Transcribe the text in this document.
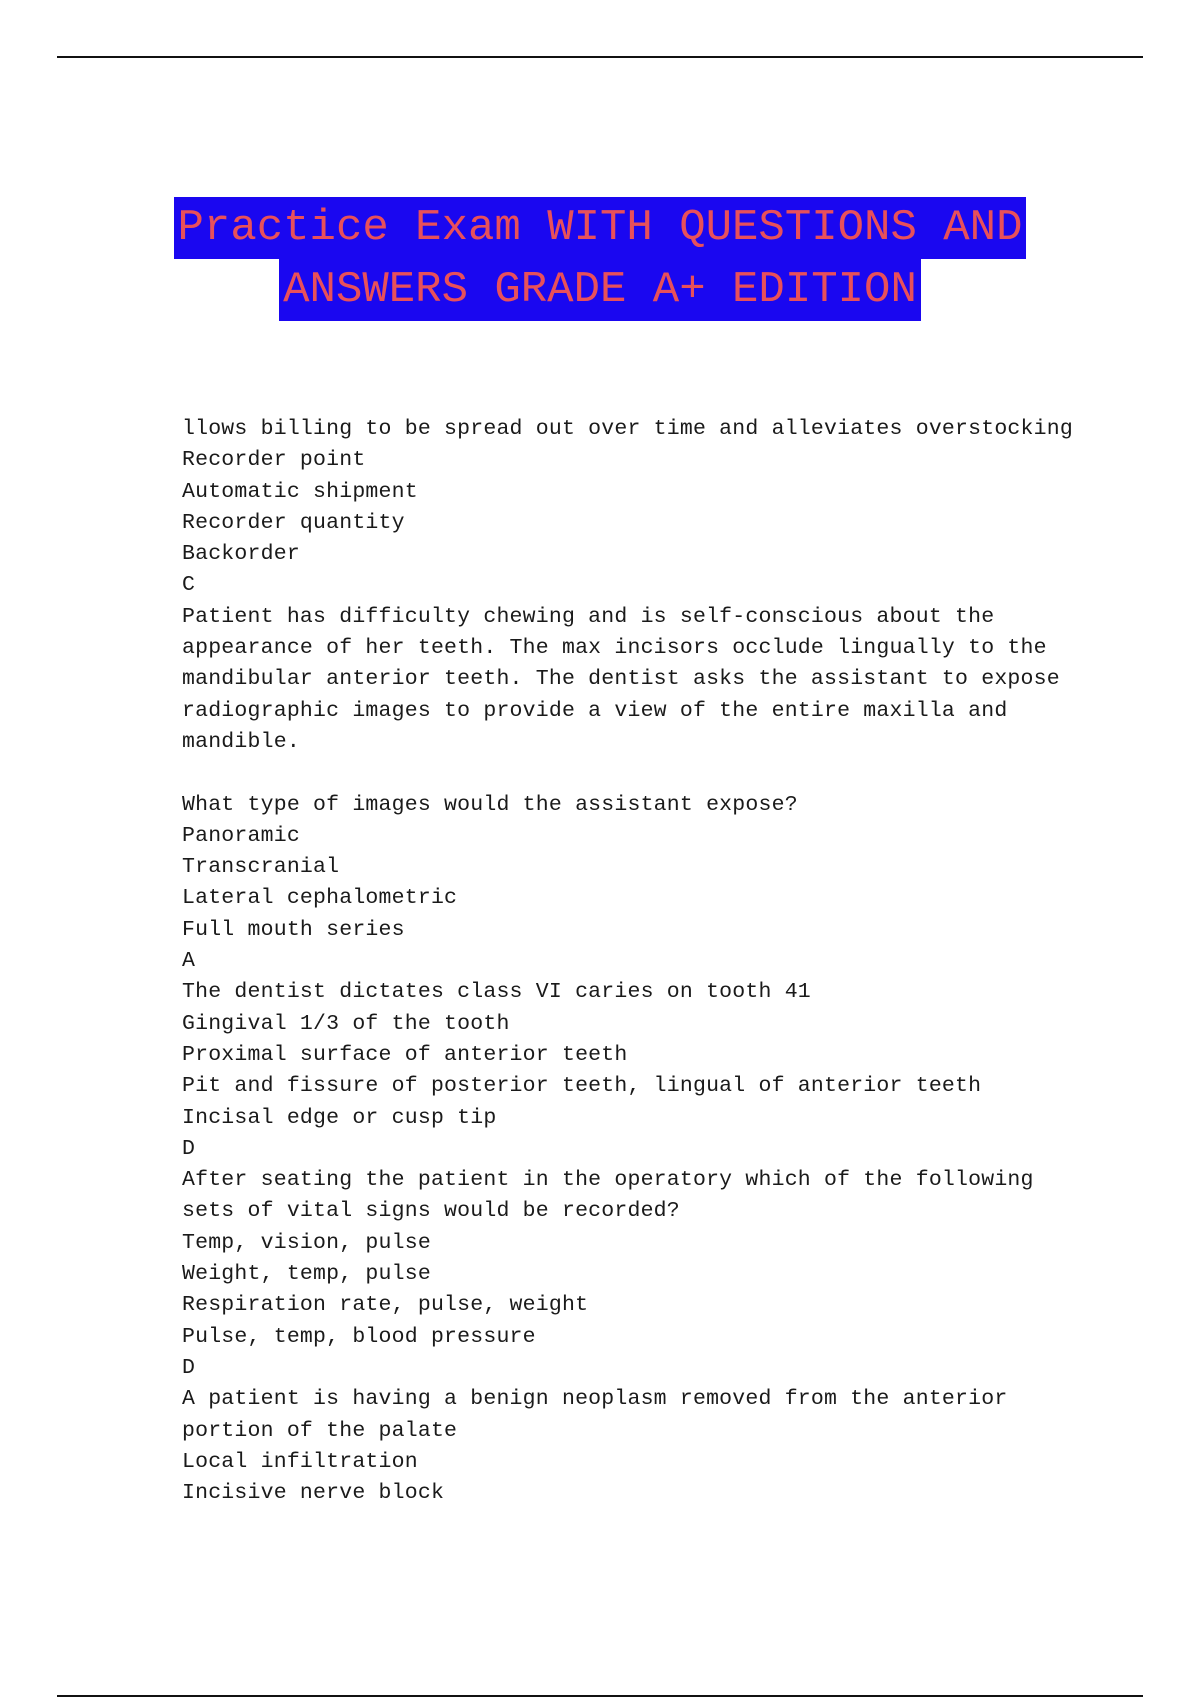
Practice Exam WITH QUESTIONS AND
ANSWERS GRADE A+ EDITION
llows billing to be spread out over time and alleviates overstocking
Recorder point
Automatic shipment
Recorder quantity
Backorder
C
Patient has difficulty chewing and is self-conscious about the
appearance of her teeth. The max incisors occlude lingually to the
mandibular anterior teeth. The dentist asks the assistant to expose
radiographic images to provide a view of the entire maxilla and
mandible.
What type of images would the assistant expose?
Panoramic
Transcranial
Lateral cephalometric
Full mouth series
A
The dentist dictates class VI caries on tooth 41
Gingival 1/3 of the tooth
Proximal surface of anterior teeth
Pit and fissure of posterior teeth, lingual of anterior teeth
Incisal edge or cusp tip
D
After seating the patient in the operatory which of the following
sets of vital signs would be recorded?
Temp, vision, pulse
Weight, temp, pulse
Respiration rate, pulse, weight
Pulse, temp, blood pressure
D
A patient is having a benign neoplasm removed from the anterior
portion of the palate
Local infiltration
Incisive nerve block
